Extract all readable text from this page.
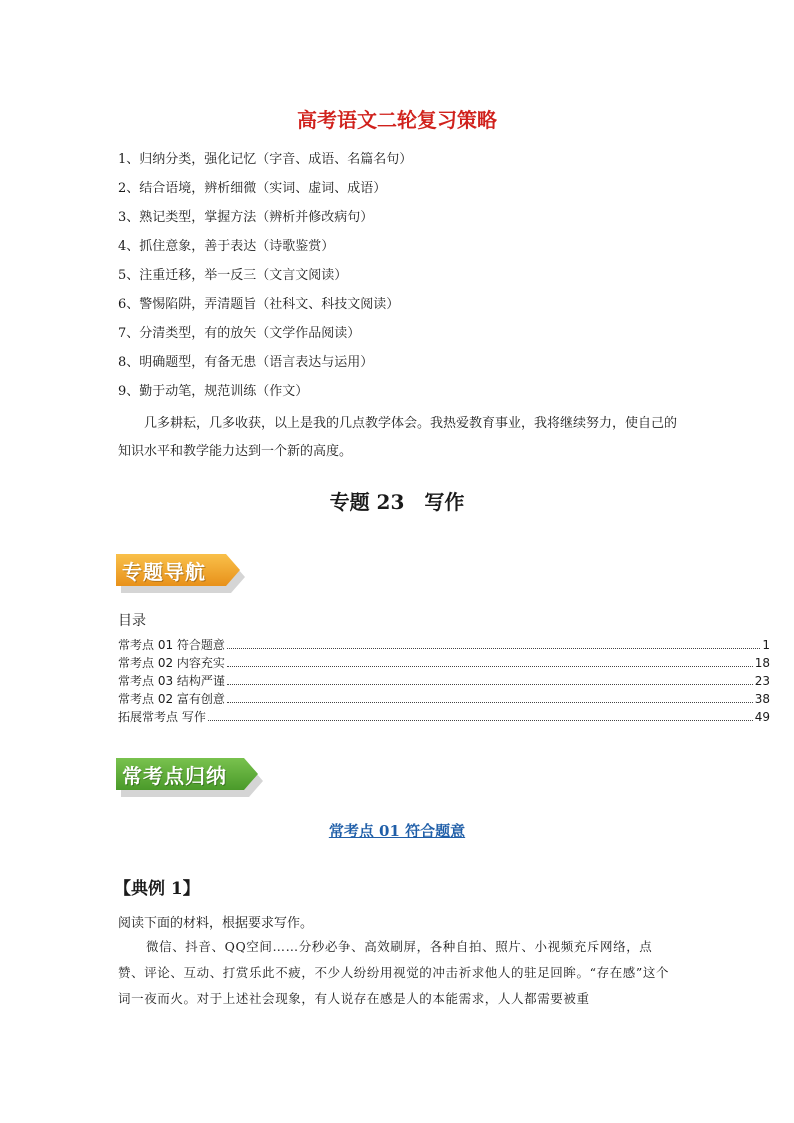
高考语文二轮复习策略
1、归纳分类，强化记忆（字音、成语、名篇名句）
2、结合语境，辨析细微（实词、虚词、成语）
3、熟记类型，掌握方法（辨析并修改病句）
4、抓住意象，善于表达（诗歌鉴赏）
5、注重迁移，举一反三（文言文阅读）
6、警惕陷阱，弄清题旨（社科文、科技文阅读）
7、分清类型，有的放矢（文学作品阅读）
8、明确题型，有备无患（语言表达与运用）
9、勤于动笔，规范训练（作文）
几多耕耘，几多收获，以上是我的几点教学体会。我热爱教育事业，我将继续努力，使自己的知识水平和教学能力达到一个新的高度。
专题 23　写作
专题导航
目录
常考点 01 符合题意	1
常考点 02 内容充实	18
常考点 03 结构严谨	23
常考点 02 富有创意	38
拓展常考点 写作	49
常考点归纳
常考点 01 符合题意
【典例 1】
阅读下面的材料，根据要求写作。
微信、抖音、QQ空间……分秒必争、高效刷屏，各种自拍、照片、小视频充斥网络，点赞、评论、互动、打赏乐此不疲，不少人纷纷用视觉的冲击祈求他人的驻足回眸。“存在感”这个词一夜而火。对于上述社会现象，有人说存在感是人的本能需求，人人都需要被重
